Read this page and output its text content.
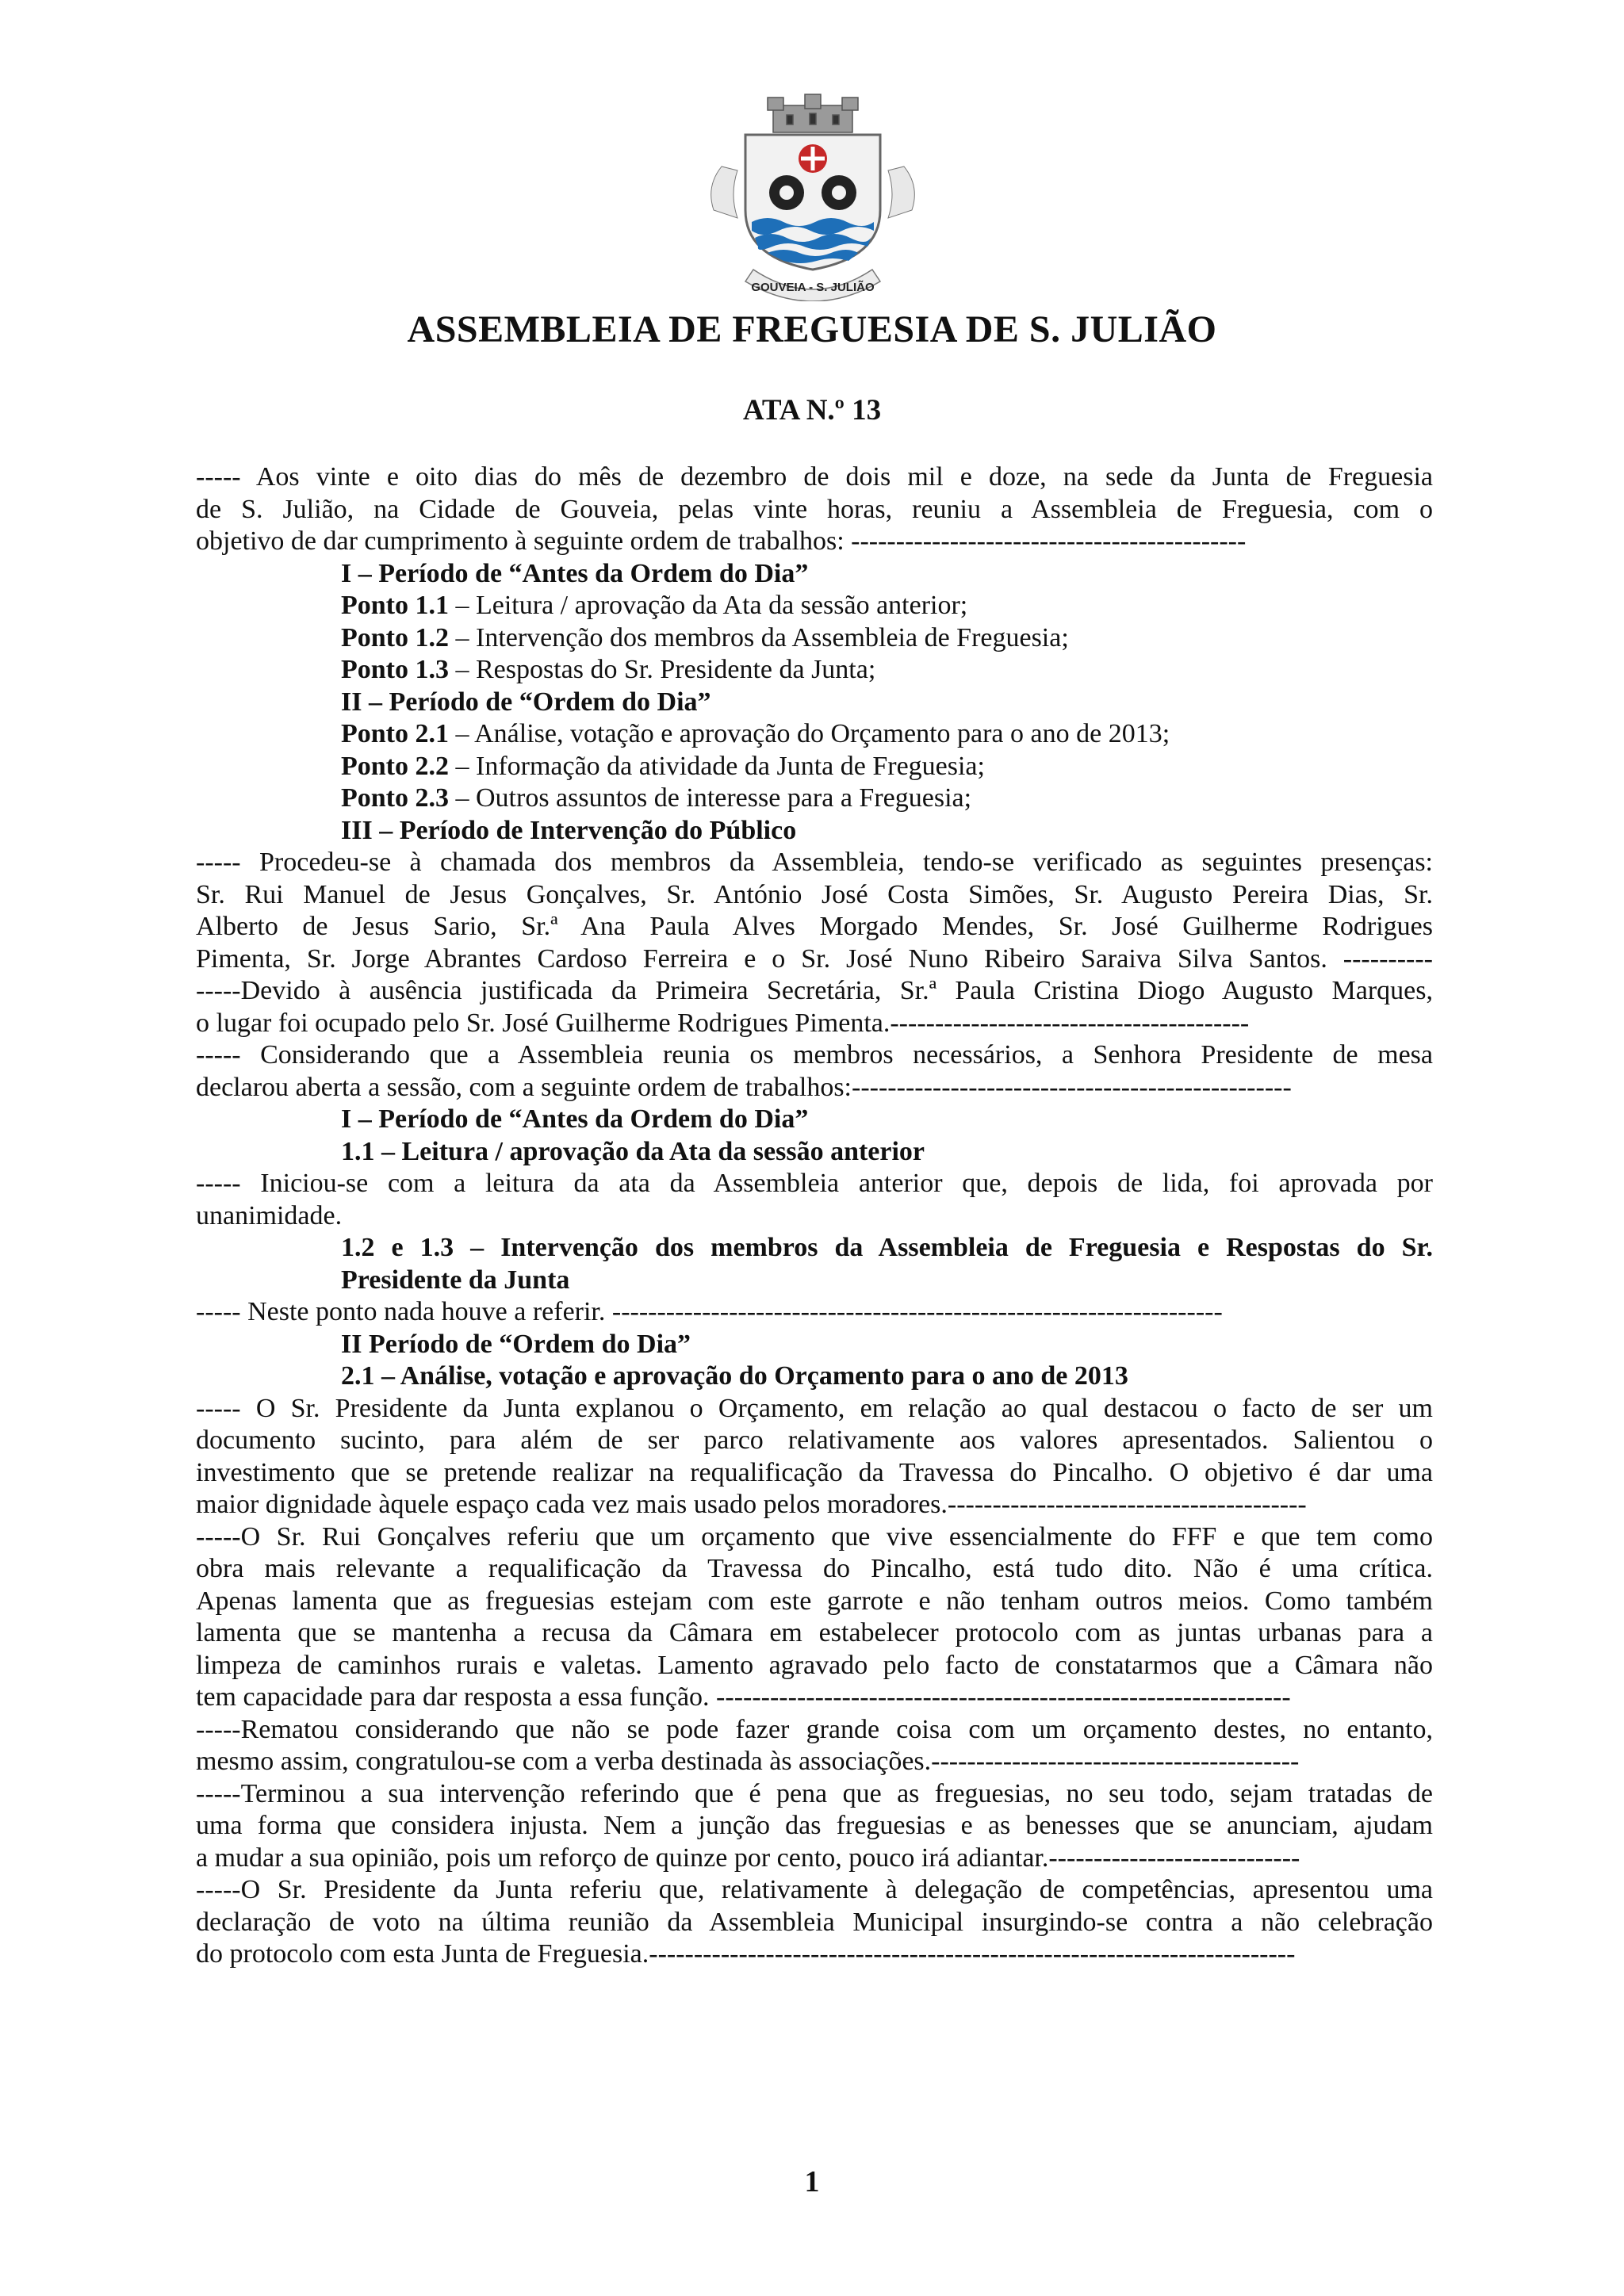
GOUVEIA - S. JULIÃO
ASSEMBLEIA DE FREGUESIA DE S. JULIÃO
ATA N.º 13
----- Aos vinte e oito dias do mês de dezembro de dois mil e doze, na sede da Junta de Freguesia
de S. Julião, na Cidade de Gouveia, pelas vinte horas, reuniu a Assembleia de Freguesia, com o
objetivo de dar cumprimento à seguinte ordem de trabalhos: --------------------------------------------
I – Período de “Antes da Ordem do Dia”
Ponto 1.1 – Leitura / aprovação da Ata da sessão anterior;
Ponto 1.2 – Intervenção dos membros da Assembleia de Freguesia;
Ponto 1.3 – Respostas do Sr. Presidente da Junta;
II – Período de “Ordem do Dia”
Ponto 2.1 – Análise, votação e aprovação do Orçamento para o ano de 2013;
Ponto 2.2 – Informação da atividade da Junta de Freguesia;
Ponto 2.3 – Outros assuntos de interesse para a Freguesia;
III – Período de Intervenção do Público
----- Procedeu-se à chamada dos membros da Assembleia, tendo-se verificado as seguintes presenças:
Sr. Rui Manuel de Jesus Gonçalves, Sr. António José Costa Simões, Sr. Augusto Pereira Dias, Sr.
Alberto de Jesus Sario, Sr.ª Ana Paula Alves Morgado Mendes, Sr. José Guilherme Rodrigues
Pimenta, Sr. Jorge Abrantes Cardoso Ferreira e o Sr. José Nuno Ribeiro Saraiva Silva Santos. ----------
-----Devido à ausência justificada da Primeira Secretária, Sr.ª Paula Cristina Diogo Augusto Marques,
o lugar foi ocupado pelo Sr. José Guilherme Rodrigues Pimenta.----------------------------------------
----- Considerando que a Assembleia reunia os membros necessários, a Senhora Presidente de mesa
declarou aberta a sessão, com a seguinte ordem de trabalhos:-------------------------------------------------
I – Período de “Antes da Ordem do Dia”
1.1 – Leitura / aprovação da Ata da sessão anterior
----- Iniciou-se com a leitura da ata da Assembleia anterior que, depois de lida, foi aprovada por
unanimidade.
1.2 e 1.3 – Intervenção dos membros da Assembleia de Freguesia e Respostas do Sr.
Presidente da Junta
----- Neste ponto nada houve a referir. --------------------------------------------------------------------
II Período de “Ordem do Dia”
2.1 – Análise, votação e aprovação do Orçamento para o ano de 2013
----- O Sr. Presidente da Junta explanou o Orçamento, em relação ao qual destacou o facto de ser um
documento sucinto, para além de ser parco relativamente aos valores apresentados. Salientou o
investimento que se pretende realizar na requalificação da Travessa do Pincalho. O objetivo é dar uma
maior dignidade àquele espaço cada vez mais usado pelos moradores.----------------------------------------
-----O Sr. Rui Gonçalves referiu que um orçamento que vive essencialmente do FFF e que tem como
obra mais relevante a requalificação da Travessa do Pincalho, está tudo dito. Não é uma crítica.
Apenas lamenta que as freguesias estejam com este garrote e não tenham outros meios. Como também
lamenta que se mantenha a recusa da Câmara em estabelecer protocolo com as juntas urbanas para a
limpeza de caminhos rurais e valetas. Lamento agravado pelo facto de constatarmos que a Câmara não
tem capacidade para dar resposta a essa função. ----------------------------------------------------------------
-----Rematou considerando que não se pode fazer grande coisa com um orçamento destes, no entanto,
mesmo assim, congratulou-se com a verba destinada às associações.-----------------------------------------
-----Terminou a sua intervenção referindo que é pena que as freguesias, no seu todo, sejam tratadas de
uma forma que considera injusta. Nem a junção das freguesias e as benesses que se anunciam, ajudam
a mudar a sua opinião, pois um reforço de quinze por cento, pouco irá adiantar.----------------------------
-----O Sr. Presidente da Junta referiu que, relativamente à delegação de competências, apresentou uma
declaração de voto na última reunião da Assembleia Municipal insurgindo-se contra a não celebração
do protocolo com esta Junta de Freguesia.------------------------------------------------------------------------
1
